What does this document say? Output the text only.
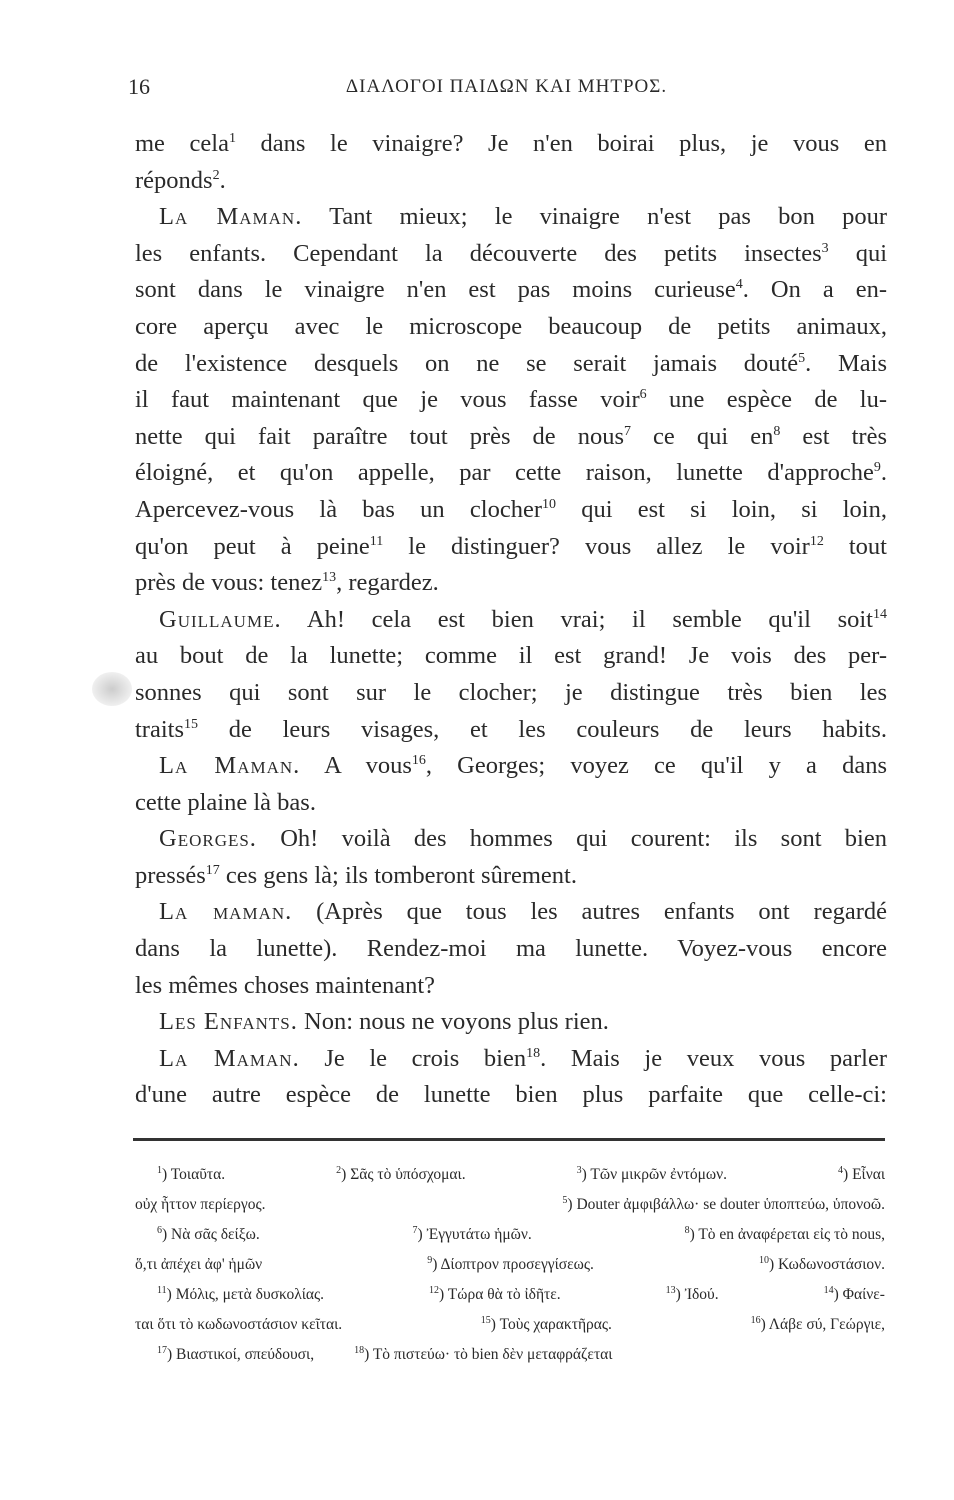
16	ΔΙΑΛΟΓΟΙ ΠΑΙΔΩΝ ΚΑΙ ΜΗΤΡΟΣ.
me cela$^1$ dans le vinaigre? Je n'en boirai plus, je vous en
réponds$^2$.
La Maman. Tant mieux; le vinaigre n'est pas bon pour
les enfants. Cependant la découverte des petits insectes$^3$ qui
sont dans le vinaigre n'en est pas moins curieuse$^4$. On a en-
core aperçu avec le microscope beaucoup de petits animaux,
de l'existence desquels on ne se serait jamais douté$^5$. Mais
il faut maintenant que je vous fasse voir$^6$ une espèce de lu-
nette qui fait paraître tout près de nous$^7$ ce qui $en^8$ est très
éloigné, et qu'on appelle, par cette raison, lunette d'approche$^9$.
Apercevez-vous là bas un clocher$^{10}$ qui est si loin, si loin,
qu'on peut à peine$^{11}$ le distinguer? vous allez le voir$^{12}$ tout
près de vous: tenez$^{13}$, regardez.
Guillaume. Ah! cela est bien vrai; il semble qu'il soit$^{14}$
au bout de la lunette; comme il est grand! Je vois des per-
sonnes qui sont sur le clocher; je distingue très bien les
traits$^{15}$ de leurs visages, et les couleurs de leurs habits.
La Maman. A vous$^{16}$, Georges; voyez ce qu'il y a dans
cette plaine là bas.
Georges. Oh! voilà des hommes qui courent: ils sont bien
pressés$^{17}$ ces gens là; ils tomberont sûrement.
La maman. (Après que tous les autres enfants ont regardé
dans la lunette). Rendez-moi ma lunette. Voyez-vous encore
les mêmes choses maintenant?
Les Enfants. Non: nous ne voyons plus rien.
La Maman. Je le crois bien$^{18}$. Mais je veux vous parler
d'une autre espèce de lunette bien plus parfaite que celle-ci:
$^1$) Τοιαῦτα.	$^2$) Σᾶς τὸ ὑπόσχομαι.	$^3$) Τῶν μικρῶν ἐντόμων.	$^4$) Εἶναι
οὐχ ἧττον περίεργος.	$^5$) Douter ἀμφιβάλλω· se douter ὑποπτεύω, ὑπονοῶ.
$^6$) Νὰ σᾶς δείξω.	$^7$) Ἐγγυτάτω ἡμῶν.	$^8$) Τὸ en ἀναφέρεται εἰς τὸ nous,
ὅ,τι ἀπέχει ἀφ' ἡμῶν	$^9$) Δίοπτρον προσεγγίσεως.	$^{10}$) Κωδωνοστάσιον.
$^{11}$) Μόλις, μετὰ δυσκολίας.	$^{12}$) Τώρα θὰ τὸ ἰδῆτε.	$^{13}$) Ἰδού.	$^{14}$) Φαίνε-
ται ὅτι τὸ κωδωνοστάσιον κεῖται.	$^{15}$) Τοὺς χαρακτῆρας.	$^{16}$) Λάβε σύ, Γεώργιε,
$^{17}$) Βιαστικοί, σπεύδουσι,	$^{18}$) Τὸ πιστεύω· τὸ bien δὲν μεταφράζεται
